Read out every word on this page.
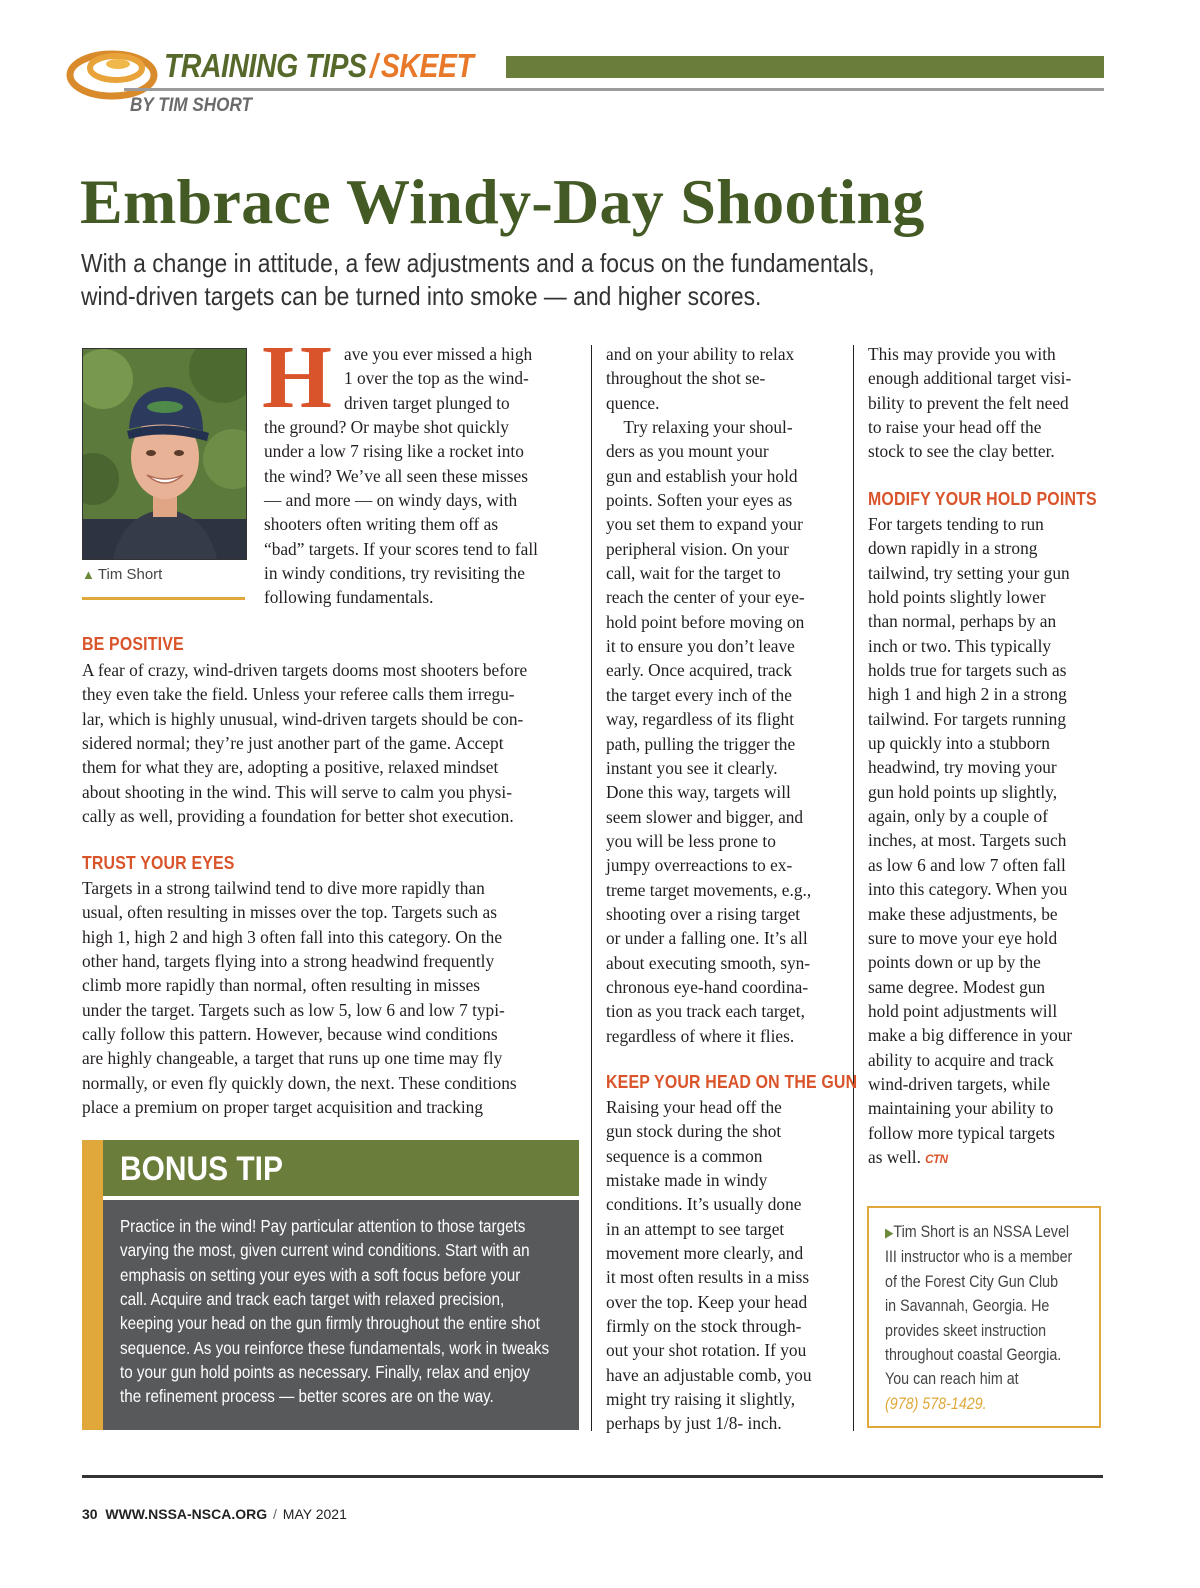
TRAINING TIPS / SKEET
BY TIM SHORT
Embrace Windy-Day Shooting
With a change in attitude, a few adjustments and a focus on the fundamentals,
wind-driven targets can be turned into smoke — and higher scores.
▲ Tim Short
H ave you ever missed a high
1 over the top as the wind-
driven target plunged to
the ground? Or maybe shot quickly
under a low 7 rising like a rocket into
the wind? We’ve all seen these misses
— and more — on windy days, with
shooters often writing them off as
“bad” targets. If your scores tend to fall
in windy conditions, try revisiting the
following fundamentals.
BE POSITIVE
A fear of crazy, wind-driven targets dooms most shooters before
they even take the field. Unless your referee calls them irregu-
lar, which is highly unusual, wind-driven targets should be con-
sidered normal; they’re just another part of the game. Accept
them for what they are, adopting a positive, relaxed mindset
about shooting in the wind. This will serve to calm you physi-
cally as well, providing a foundation for better shot execution.
TRUST YOUR EYES
Targets in a strong tailwind tend to dive more rapidly than
usual, often resulting in misses over the top. Targets such as
high 1, high 2 and high 3 often fall into this category. On the
other hand, targets flying into a strong headwind frequently
climb more rapidly than normal, often resulting in misses
under the target. Targets such as low 5, low 6 and low 7 typi-
cally follow this pattern. However, because wind conditions
are highly changeable, a target that runs up one time may fly
normally, or even fly quickly down, the next. These conditions
place a premium on proper target acquisition and tracking
BONUS TIP
Practice in the wind! Pay particular attention to those targets
varying the most, given current wind conditions. Start with an
emphasis on setting your eyes with a soft focus before your
call. Acquire and track each target with relaxed precision,
keeping your head on the gun firmly throughout the entire shot
sequence. As you reinforce these fundamentals, work in tweaks
to your gun hold points as necessary. Finally, relax and enjoy
the refinement process — better scores are on the way.
and on your ability to relax
throughout the shot se-
quence.
 Try relaxing your shoul-
ders as you mount your
gun and establish your hold
points. Soften your eyes as
you set them to expand your
peripheral vision. On your
call, wait for the target to
reach the center of your eye-
hold point before moving on
it to ensure you don’t leave
early. Once acquired, track
the target every inch of the
way, regardless of its flight
path, pulling the trigger the
instant you see it clearly.
Done this way, targets will
seem slower and bigger, and
you will be less prone to
jumpy overreactions to ex-
treme target movements, e.g.,
shooting over a rising target
or under a falling one. It’s all
about executing smooth, syn-
chronous eye-hand coordina-
tion as you track each target,
regardless of where it flies.
KEEP YOUR HEAD ON THE GUN
Raising your head off the
gun stock during the shot
sequence is a common
mistake made in windy
conditions. It’s usually done
in an attempt to see target
movement more clearly, and
it most often results in a miss
over the top. Keep your head
firmly on the stock through-
out your shot rotation. If you
have an adjustable comb, you
might try raising it slightly,
perhaps by just 1/8- inch.
This may provide you with
enough additional target visi-
bility to prevent the felt need
to raise your head off the
stock to see the clay better.
MODIFY YOUR HOLD POINTS
For targets tending to run
down rapidly in a strong
tailwind, try setting your gun
hold points slightly lower
than normal, perhaps by an
inch or two. This typically
holds true for targets such as
high 1 and high 2 in a strong
tailwind. For targets running
up quickly into a stubborn
headwind, try moving your
gun hold points up slightly,
again, only by a couple of
inches, at most. Targets such
as low 6 and low 7 often fall
into this category. When you
make these adjustments, be
sure to move your eye hold
points down or up by the
same degree. Modest gun
hold point adjustments will
make a big difference in your
ability to acquire and track
wind-driven targets, while
maintaining your ability to
follow more typical targets
as well. CTN
▶Tim Short is an NSSA Level
III instructor who is a member
of the Forest City Gun Club
in Savannah, Georgia. He
provides skeet instruction
throughout coastal Georgia.
You can reach him at
(978) 578-1429.
30 WWW.NSSA-NSCA.ORG / MAY 2021
